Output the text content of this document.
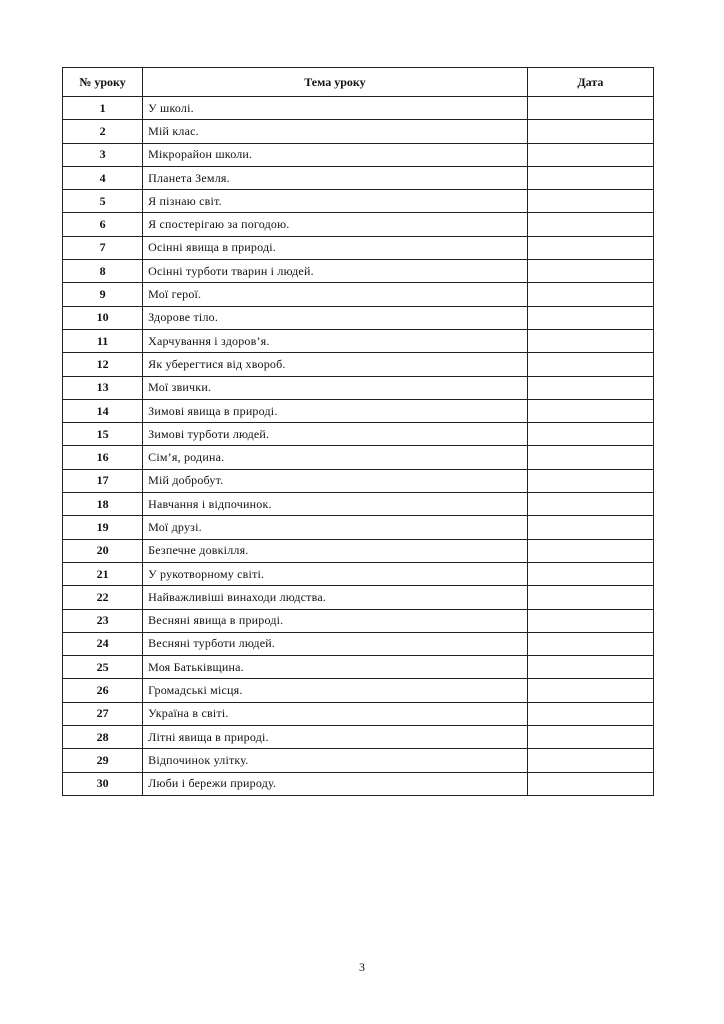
№ уроку	Тема уроку	Дата
1	У школі.	
2	Мій клас.	
3	Мікрорайон школи.	
4	Планета Земля.	
5	Я пізнаю світ.	
6	Я спостерігаю за погодою.	
7	Осінні явища в природі.	
8	Осінні турботи тварин і людей.	
9	Мої герої.	
10	Здорове тіло.	
11	Харчування і здоров’я.	
12	Як уберегтися від хвороб.	
13	Мої звички.	
14	Зимові явища в природі.	
15	Зимові турботи людей.	
16	Сім’я, родина.	
17	Мій добробут.	
18	Навчання і відпочинок.	
19	Мої друзі.	
20	Безпечне довкілля.	
21	У рукотворному світі.	
22	Найважливіші винаходи людства.	
23	Весняні явища в природі.	
24	Весняні турботи людей.	
25	Моя Батьківщина.	
26	Громадські місця.	
27	Україна в світі.	
28	Літні явища в природі.	
29	Відпочинок улітку.	
30	Люби і бережи природу.	
3
